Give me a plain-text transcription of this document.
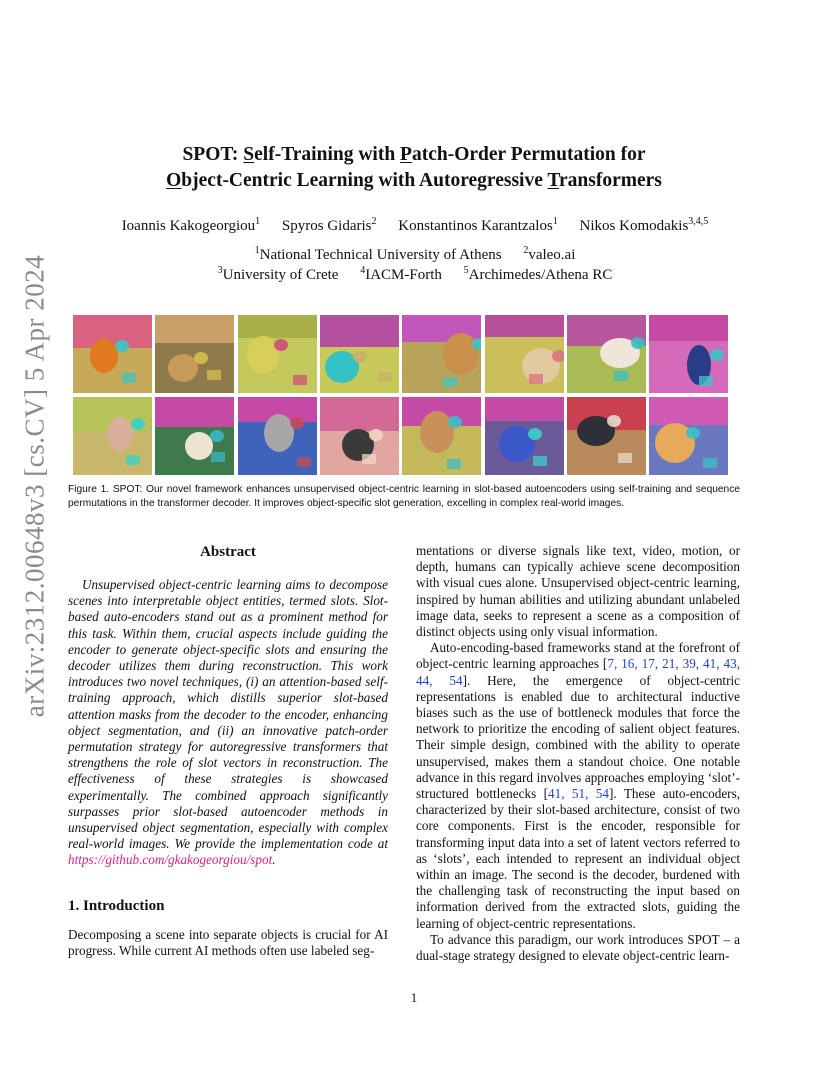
arXiv:2312.00648v3 [cs.CV] 5 Apr 2024
SPOT: Self-Training with Patch-Order Permutation for
Object-Centric Learning with Autoregressive Transformers
Ioannis Kakogeorgiou$^1$ Spyros Gidaris$^2$ Konstantinos Karantzalos$^1$ Nikos Komodakis$^{3,4,5}$
$^1$National Technical University of Athens $^2$valeo.ai
$^3$University of Crete $^4$IACM-Forth $^5$Archimedes/Athena RC
Figure 1. SPOT: Our novel framework enhances unsupervised object-centric learning in slot-based autoencoders using self-training and sequence permutations in the transformer decoder. It improves object-specific slot generation, excelling in complex real-world images.
Abstract

Unsupervised object-centric learning aims to decompose scenes into interpretable object entities, termed slots. Slot-based auto-encoders stand out as a prominent method for this task. Within them, crucial aspects include guiding the encoder to generate object-specific slots and ensuring the decoder utilizes them during reconstruction. This work introduces two novel techniques, (i) an attention-based self-training approach, which distills superior slot-based attention masks from the decoder to the encoder, enhancing object segmentation, and (ii) an innovative patch-order permutation strategy for autoregressive transformers that strengthens the role of slot vectors in reconstruction. The effectiveness of these strategies is showcased experimentally. The combined approach significantly surpasses prior slot-based autoencoder methods in unsupervised object segmentation, especially with complex real-world images. We provide the implementation code at https://github.com/gkakogeorgiou/spot.

1. Introduction

Decomposing a scene into separate objects is crucial for AI progress. While current AI methods often use labeled seg-

mentations or diverse signals like text, video, motion, or depth, humans can typically achieve scene decomposition with visual cues alone. Unsupervised object-centric learning, inspired by human abilities and utilizing abundant unlabeled image data, seeks to represent a scene as a composition of distinct objects using only visual information.

Auto-encoding-based frameworks stand at the forefront of object-centric learning approaches [7, 16, 17, 21, 39, 41, 43, 44, 54]. Here, the emergence of object-centric representations is enabled due to architectural inductive biases such as the use of bottleneck modules that force the network to prioritize the encoding of salient object features. Their simple design, combined with the ability to operate unsupervised, makes them a standout choice. One notable advance in this regard involves approaches employing ‘slot’-structured bottlenecks [41, 51, 54]. These auto-encoders, characterized by their slot-based architecture, consist of two core components. First is the encoder, responsible for transforming input data into a set of latent vectors referred to as ‘slots’, each intended to represent an individual object within an image. The second is the decoder, burdened with the challenging task of reconstructing the input based on information derived from the extracted slots, guiding the learning of object-centric representations.

To advance this paradigm, our work introduces SPOT – a dual-stage strategy designed to elevate object-centric learn-

1
